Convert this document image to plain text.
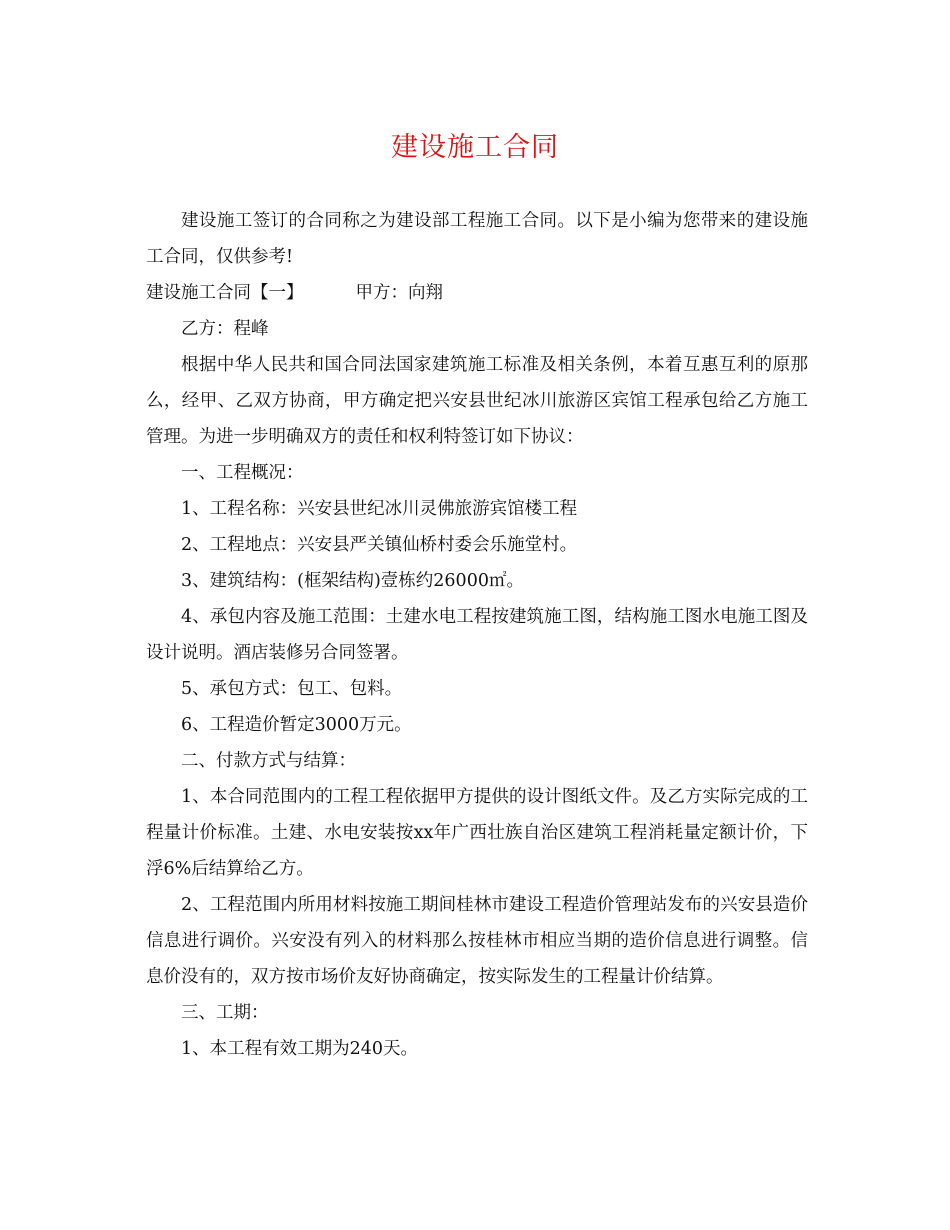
建设施工合同

建设施工签订的合同称之为建设部工程施工合同。以下是小编为您带来的建设施工合同，仅供参考!

建设施工合同【一】	甲方：向翔

乙方：程峰

根据中华人民共和国合同法国家建筑施工标准及相关条例，本着互惠互利的原那么，经甲、乙双方协商，甲方确定把兴安县世纪冰川旅游区宾馆工程承包给乙方施工管理。为进一步明确双方的责任和权利特签订如下协议：

一、工程概况：

1、工程名称：兴安县世纪冰川灵佛旅游宾馆楼工程

2、工程地点：兴安县严关镇仙桥村委会乐施堂村。

3、建筑结构：(框架结构)壹栋约26000㎡。

4、承包内容及施工范围：土建水电工程按建筑施工图，结构施工图水电施工图及设计说明。酒店装修另合同签署。

5、承包方式：包工、包料。

6、工程造价暂定3000万元。

二、付款方式与结算：

1、本合同范围内的工程工程依据甲方提供的设计图纸文件。及乙方实际完成的工程量计价标准。土建、水电安装按xx年广西壮族自治区建筑工程消耗量定额计价，下浮6%后结算给乙方。

2、工程范围内所用材料按施工期间桂林市建设工程造价管理站发布的兴安县造价信息进行调价。兴安没有列入的材料那么按桂林市相应当期的造价信息进行调整。信息价没有的，双方按市场价友好协商确定，按实际发生的工程量计价结算。

三、工期：

1、本工程有效工期为240天。
